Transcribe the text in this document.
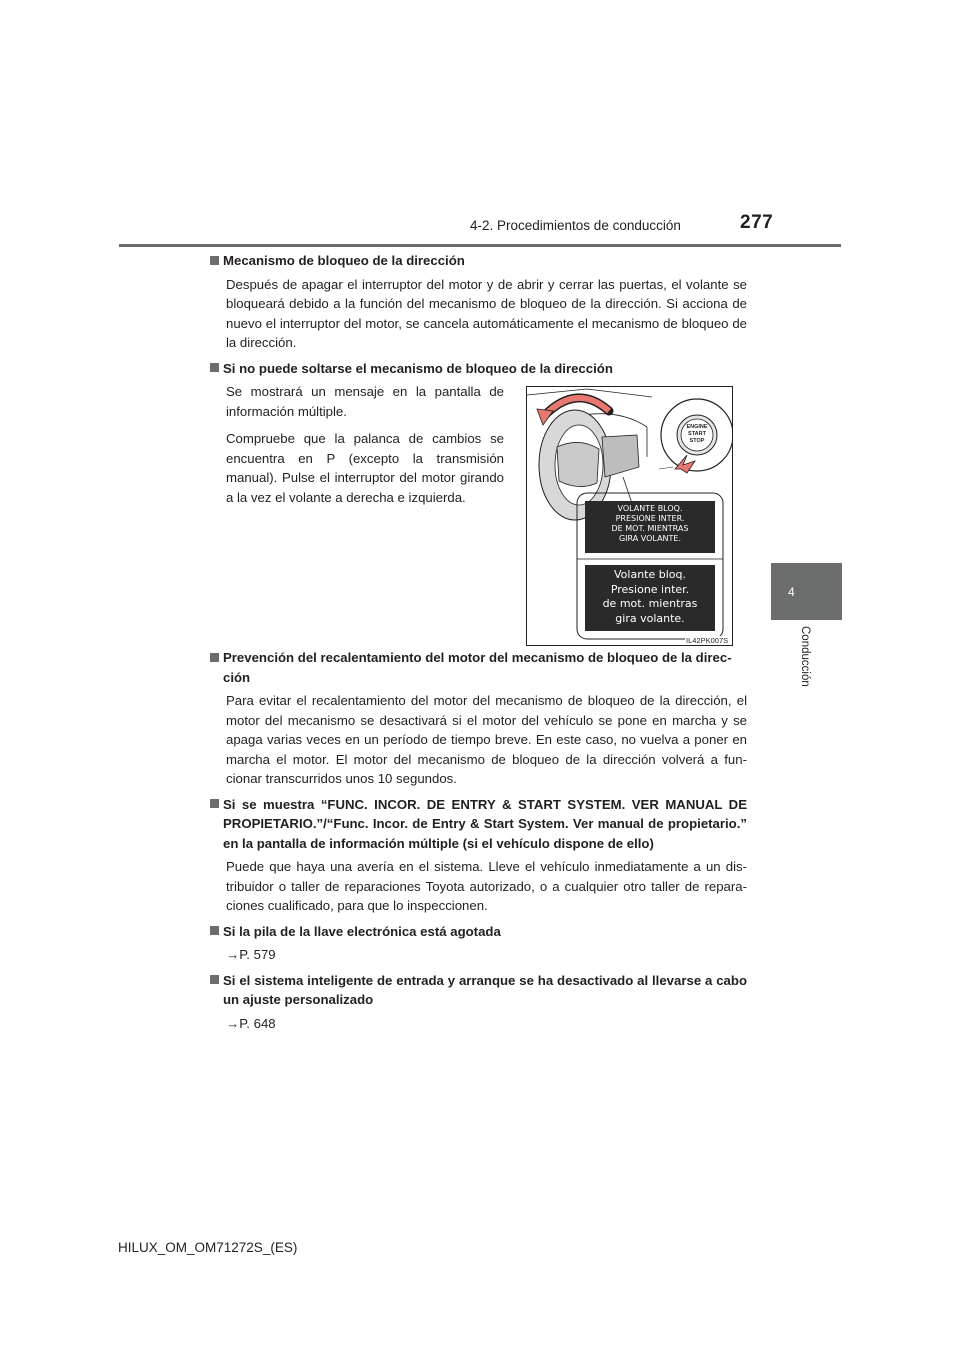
4-2. Procedimientos de conducción	277
4
Conducción
Mecanismo de bloqueo de la dirección
Después de apagar el interruptor del motor y de abrir y cerrar las puertas, el volante se bloqueará debido a la función del mecanismo de bloqueo de la dirección. Si acciona de nuevo el interruptor del motor, se cancela automáticamente el mecanismo de bloqueo de la dirección.
Si no puede soltarse el mecanismo de bloqueo de la dirección

Se mostrará un mensaje en la pantalla de información múltiple.

Compruebe que la palanca de cambios se encuentra en P (excepto la transmisión manual). Pulse el interruptor del motor girando a la vez el volante a derecha e izquierda.

ENGINE
START
STOP
VOLANTE BLOQ.
PRESIONE INTER.
DE MOT. MIENTRAS
GIRA VOLANTE.
Volante bloq.
Presione inter.
de mot. mientras
gira volante.
IL42PK007S
Prevención del recalentamiento del motor del mecanismo de bloqueo de la direc- ción
Para evitar el recalentamiento del motor del mecanismo de bloqueo de la dirección, el motor del mecanismo se desactivará si el motor del vehículo se pone en marcha y se apaga varias veces en un período de tiempo breve. En este caso, no vuelva a poner en marcha el motor. El motor del mecanismo de bloqueo de la dirección volverá a fun- cionar transcurridos unos 10 segundos.
Si se muestra “FUNC. INCOR. DE ENTRY & START SYSTEM. VER MANUAL DE PROPIETARIO.”/“Func. Incor. de Entry & Start System. Ver manual de propietario.” en la pantalla de información múltiple (si el vehículo dispone de ello)
Puede que haya una avería en el sistema. Lleve el vehículo inmediatamente a un dis- tribuidor o taller de reparaciones Toyota autorizado, o a cualquier otro taller de repara- ciones cualificado, para que lo inspeccionen.
Si la pila de la llave electrónica está agotada
→P. 579
Si el sistema inteligente de entrada y arranque se ha desactivado al llevarse a cabo un ajuste personalizado
→P. 648
HILUX_OM_OM71272S_(ES)
